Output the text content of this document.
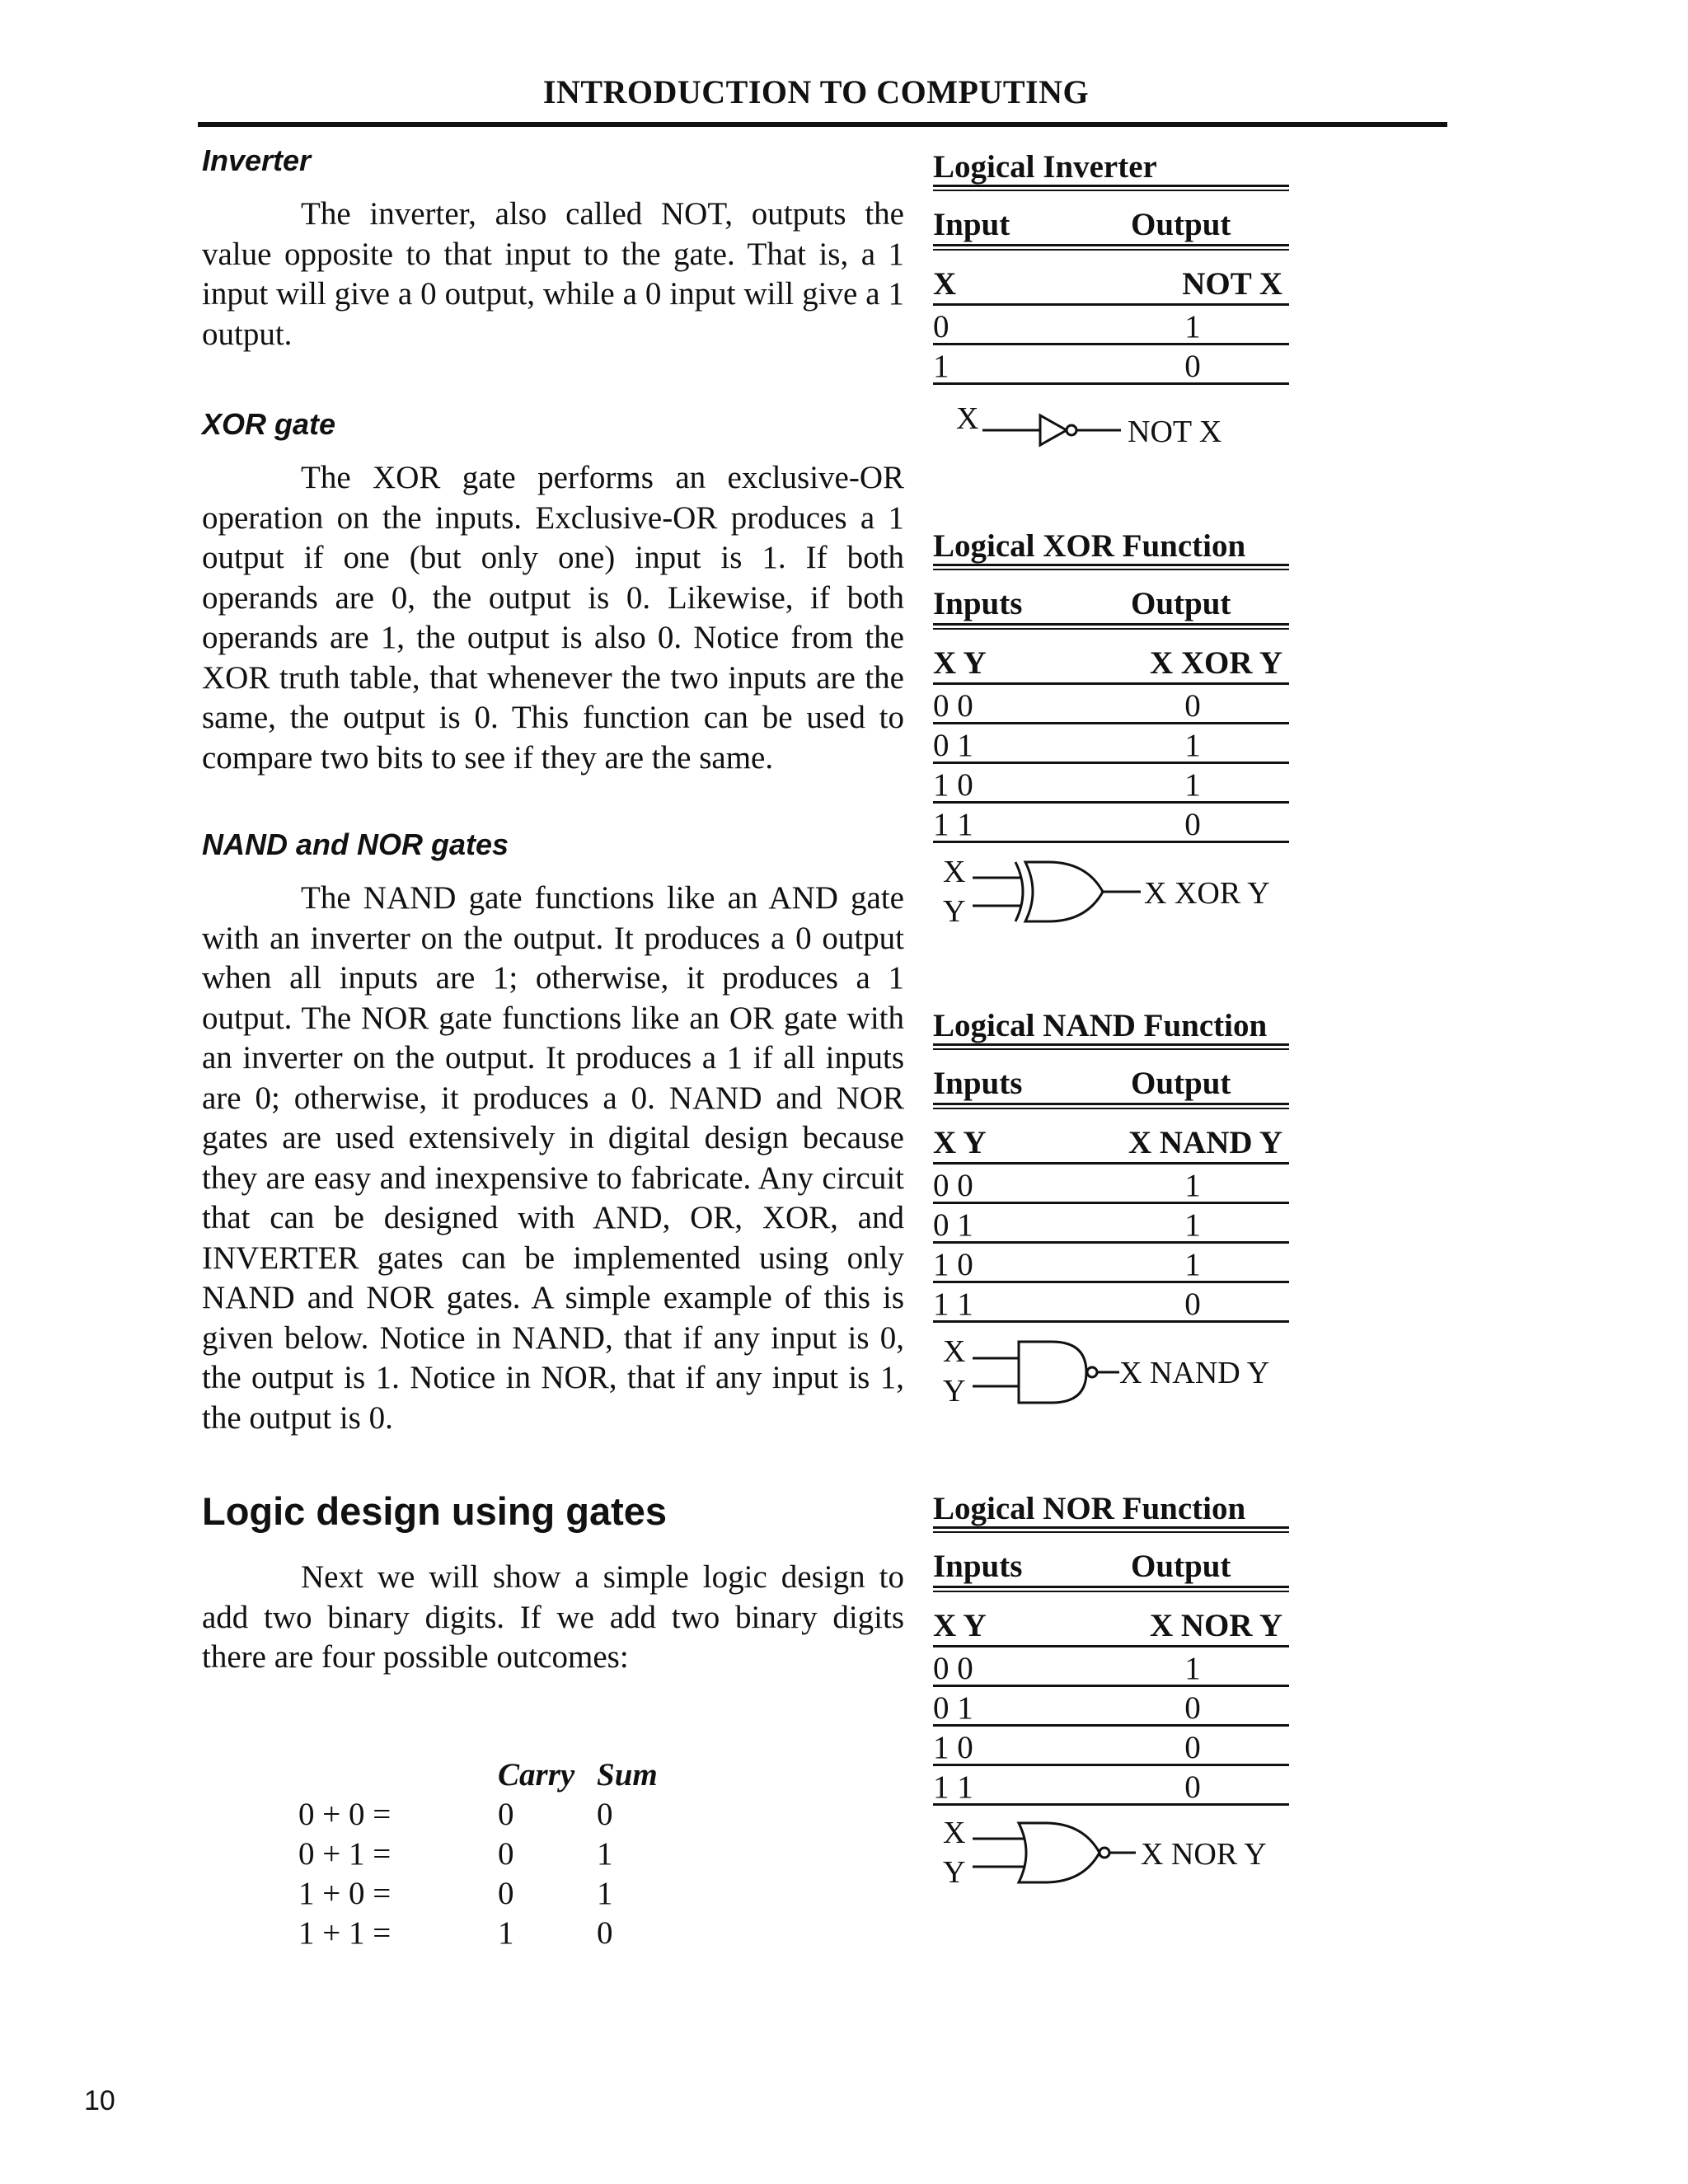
INTRODUCTION TO COMPUTING
Inverter
The inverter, also called NOT, outputs the value opposite to that input to the gate. That is, a 1 input will give a 0 output, while a 0 input will give a 1 output.
XOR gate
The XOR gate performs an exclusive-OR operation on the inputs. Exclusive-OR produces a 1 output if one (but only one) input is 1. If both operands are 0, the output is 0. Likewise, if both operands are 1, the output is also 0. Notice from the XOR truth table, that whenever the two inputs are the same, the output is 0. This function can be used to compare two bits to see if they are the same.
NAND and NOR gates
The NAND gate functions like an AND gate with an inverter on the output. It produces a 0 output when all inputs are 1; otherwise, it produces a 1 output. The NOR gate functions like an OR gate with an inverter on the output. It produces a 1 if all inputs are 0; otherwise, it produces a 0. NAND and NOR gates are used extensively in digital design because they are easy and inexpensive to fabricate. Any circuit that can be designed with AND, OR, XOR, and INVERTER gates can be implemented using only NAND and NOR gates. A simple example of this is given below. Notice in NAND, that if any input is 0, the output is 1. Notice in NOR, that if any input is 1, the output is 0.
Logic design using gates
Next we will show a simple logic design to add two binary digits. If we add two binary digits there are four possible outcomes:
Carry Sum
0 + 0 =	0	0
0 + 1 =	0	1
1 + 0 =	0	1
1 + 1 =	1	0
Logical Inverter
Input	Output
X	NOT X
0	1
1	0
X	NOT X
Logical XOR Function
Inputs	Output
X Y	X XOR Y
0 0	0
0 1	1
1 0	1
1 1	0
X
Y
X XOR Y
Logical NAND Function
Inputs	Output
X Y	X NAND Y
0 0	1
0 1	1
1 0	1
1 1	0
X
Y
X NAND Y
Logical NOR Function
Inputs	Output
X Y	X NOR Y
0 0	1
0 1	0
1 0	0
1 1	0
X
Y
X NOR Y
10
